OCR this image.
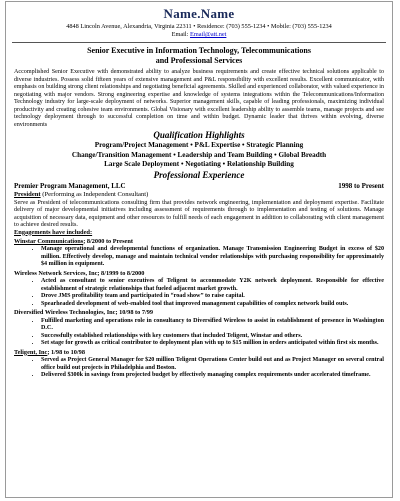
Name.Name
4848 Lincoln Avenue, Alexandria, Virginia 22311 • Residence: (703) 555-1234 • Mobile: (703) 555-1234
Email: Email@att.net
Senior Executive in Information Technology, Telecommunications
and Professional Services
Accomplished Senior Executive with demonstrated ability to analyze business requirements and create effective technical solutions applicable to diverse industries. Possess solid fifteen years of extensive management and P&L responsibility with excellent results. Excellent communicator, with emphasis on building strong client relationships and negotiating beneficial agreements. Skilled and experienced collaborator, with valued experience in negotiating with major vendors. Strong engineering expertise and knowledge of systems integrations within the Telecommunications/Information Technology industry for large-scale deployment of networks. Superior management skills, capable of leading professionals, maximizing individual productivity and creating cohesive team environments. Global Visionary with excellent leadership ability to assemble teams, manage projects and see technology deployment through to successful completion on time and within budget. Dynamic leader that thrives within evolving, diverse environments
Qualification Highlights
Program/Project Management • P&L Expertise • Strategic Planning
Change/Transition Management • Leadership and Team Building • Global Breadth
Large Scale Deployment • Negotiating • Relationship Building
Professional Experience
Premier Program Management, LLC	1998 to Present
President (Performing as Independent Consultant)
Serve as President of telecommunications consulting firm that provides network engineering, implementation and deployment expertise. Facilitate delivery of major developmental initiatives including assessment of requirements through to implementation and testing of solutions. Manage acquisition of necessary data, equipment and other resources to fulfill needs of each engagement in addition to collaborating with client management to achieve desired results.
Engagements have included:
Winstar Communications; 8/2000 to Present
• Manage operational and developmental functions of organization. Manage Transmission Engineering Budget in excess of $20 million. Effectively develop, manage and maintain technical vendor relationships with purchasing responsibility for approximately $4 million in equipment.
Wireless Network Services, Inc; 8/1999 to 8/2000
• Acted as consultant to senior executives of Teligent to accommodate Y2K network deployment. Responsible for effective establishment of strategic relationships that fueled adjacent market growth.
• Drove JMS profitability team and participated in “road show” to raise capital.
• Spearheaded development of web-enabled tool that improved management capabilities of complex network build outs.
Diversified Wireless Technologies, Inc; 10/98 to 7/99
• Fulfilled marketing and operations role in consultancy to Diversified Wireless to assist in establishment of presence in Washington D.C.
• Successfully established relationships with key customers that included Teligent, Winstar and others.
• Set stage for growth as critical contributor to deployment plan with up to $15 million in orders anticipated within first six months.
Teligent, Inc; 1/98 to 10/98
• Served as Project General Manager for $20 million Teligent Operations Center build out and as Project Manager on several central office build out projects in Philadelphia and Boston.
• Delivered $300k in savings from projected budget by effectively managing complex requirements under accelerated timeframe.
